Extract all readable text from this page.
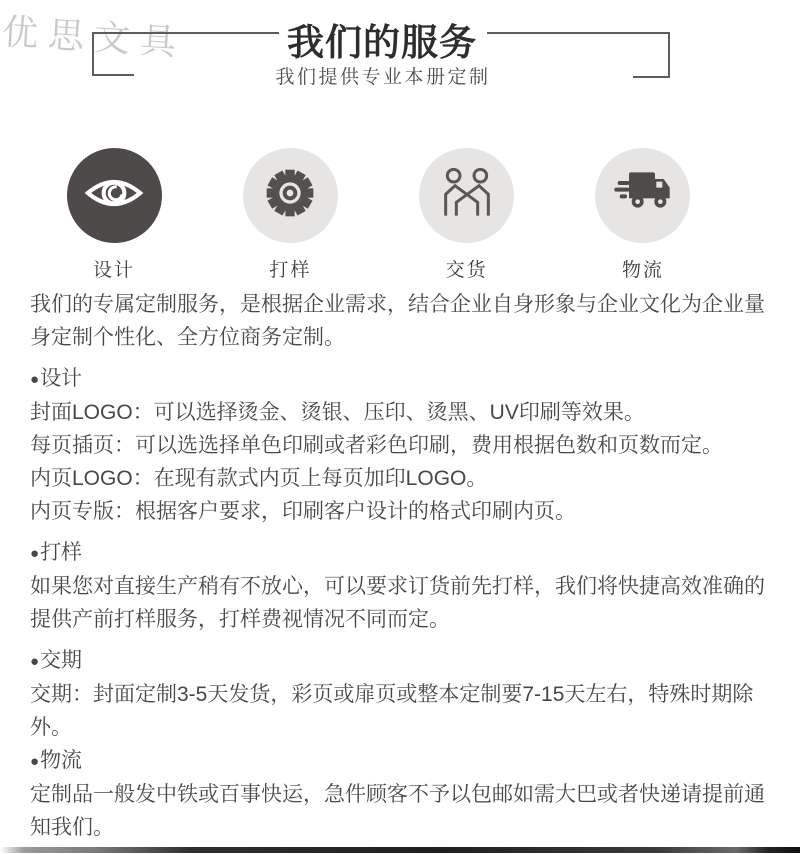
优思文具	我们的服务
我们提供专业本册定制
设计	打样	交货	物流

我们的专属定制服务，是根据企业需求，结合企业自身形象与企业文化为企业量身定制个性化、全方位商务定制。

●设计

封面LOGO：可以选择烫金、烫银、压印、烫黑、UV印刷等效果。

每页插页：可以选选择单色印刷或者彩色印刷，费用根据色数和页数而定。

内页LOGO：在现有款式内页上每页加印LOGO。

内页专版：根据客户要求，印刷客户设计的格式印刷内页。

●打样

如果您对直接生产稍有不放心，可以要求订货前先打样，我们将快捷高效准确的提供产前打样服务，打样费视情况不同而定。

●交期

交期：封面定制3-5天发货，彩页或扉页或整本定制要7-15天左右，特殊时期除外。

●物流

定制品一般发中铁或百事快运，急件顾客不予以包邮如需大巴或者快递请提前通知我们。
